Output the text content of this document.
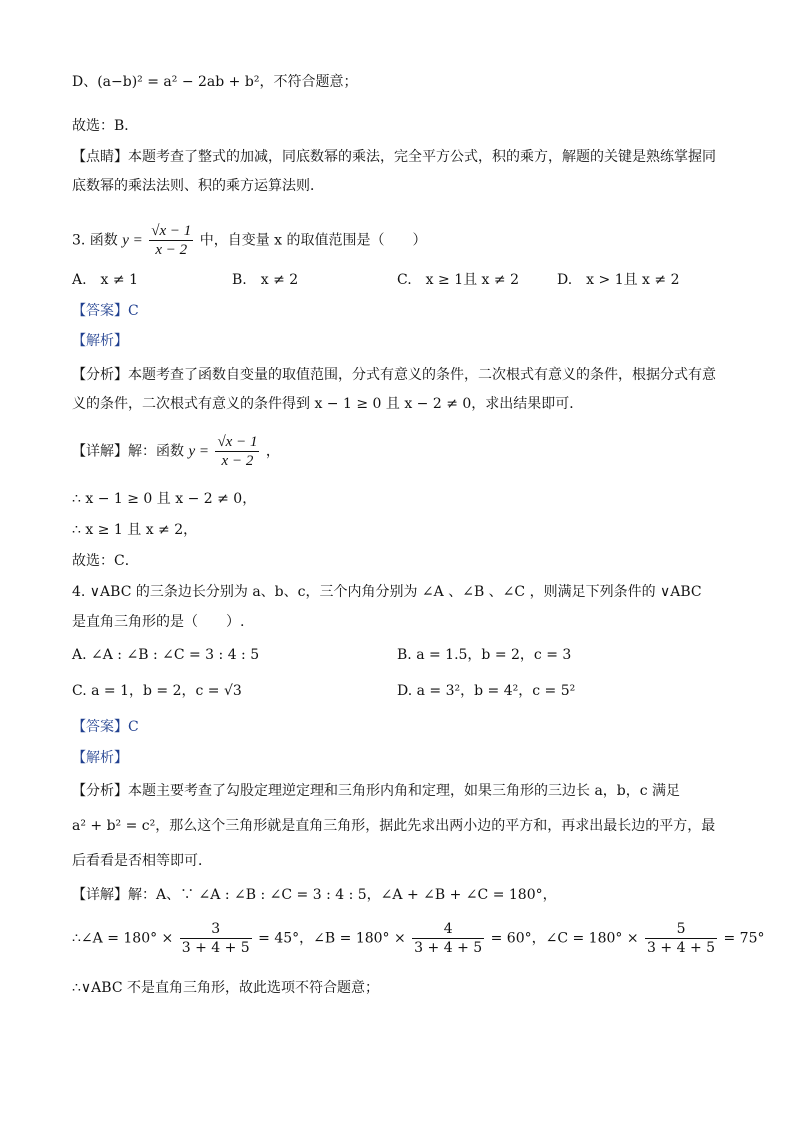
D、(a−b)² = a² − 2ab + b²，不符合题意；
故选：B．
【点睛】本题考查了整式的加减，同底数幂的乘法，完全平方公式，积的乘方，解题的关键是熟练掌握同
底数幂的乘法法则、积的乘方运算法则．
3. 函数 $y = \frac{√x - 1}{x - 2}$ 中，自变量 x 的取值范围是（　　）
A.　x ≠ 1	B.　x ≠ 2	C.　x ≥ 1且 x ≠ 2	D.　x > 1且 x ≠ 2
【答案】C
【解析】
【分析】本题考查了函数自变量的取值范围，分式有意义的条件，二次根式有意义的条件，根据分式有意
义的条件，二次根式有意义的条件得到 x − 1 ≥ 0 且 x − 2 ≠ 0，求出结果即可．
【详解】解：函数 $y = \frac{√x - 1}{x - 2}$ ，
∴ x − 1 ≥ 0 且 x − 2 ≠ 0，
∴ x ≥ 1 且 x ≠ 2，
故选：C．
4. ∨ABC 的三条边长分别为 a、b、c，三个内角分别为 ∠A 、∠B 、∠C ，则满足下列条件的 ∨ABC
是直角三角形的是（　　）.
A. ∠A : ∠B : ∠C = 3 : 4 : 5	B. a = 1.5，b = 2，c = 3
C. a = 1，b = 2，c = √3	D. a = 3²，b = 4²，c = 5²
【答案】C
【解析】
【分析】本题主要考查了勾股定理逆定理和三角形内角和定理，如果三角形的三边长 a，b，c 满足
a² + b² = c²，那么这个三角形就是直角三角形，据此先求出两小边的平方和，再求出最长边的平方，最
后看看是否相等即可．
【详解】解：A、∵ ∠A : ∠B : ∠C = 3 : 4 : 5，∠A + ∠B + ∠C = 180°，
∴∠A = $180^\circ \times \frac{3}{3 + 4 + 5} = 45^\circ$，∠B = $180^\circ \times \frac{4}{3 + 4 + 5} = 60^\circ$，∠C = $180^\circ \times \frac{5}{3 + 4 + 5} = 75^\circ$
∴∨ABC 不是直角三角形，故此选项不符合题意；
